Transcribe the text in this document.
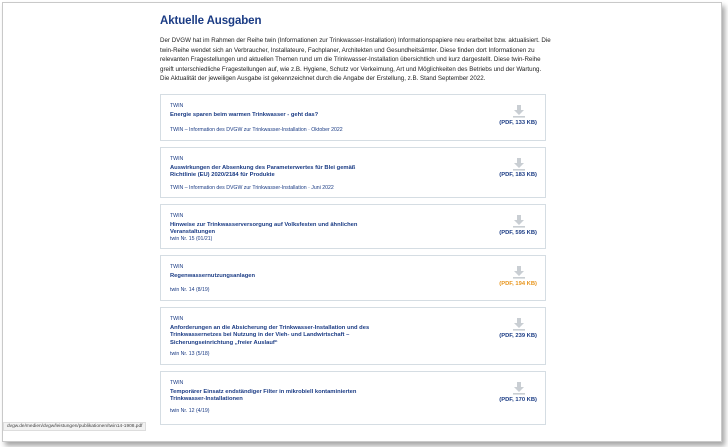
Aktuelle Ausgaben
Der DVGW hat im Rahmen der Reihe twin (Informationen zur Trinkwasser-Installation) Informationspapiere neu erarbeitet bzw. aktualisiert. Die twin-Reihe wendet sich an Verbraucher, Installateure, Fachplaner, Architekten und Gesundheitsämter. Diese finden dort Informationen zu relevanten Fragestellungen und aktuellen Themen rund um die Trinkwasser-Installation übersichtlich und kurz dargestellt. Diese twin-Reihe greift unterschiedliche Fragestellungen auf, wie z.B. Hygiene, Schutz vor Verkeimung, Art und Möglichkeiten des Betriebs und der Wartung. Die Aktualität der jeweiligen Ausgabe ist gekennzeichnet durch die Angabe der Erstellung, z.B. Stand September 2022.
TWIN
Energie sparen beim warmen Trinkwasser - geht das?
TWIN – Information des DVGW zur Trinkwasser-Installation · Oktober 2022
(PDF, 133 KB)
TWIN
Auswirkungen der Absenkung des Parameterwertes für Blei gemäß Richtlinie (EU) 2020/2184 für Produkte
TWIN – Information des DVGW zur Trinkwasser-Installation · Juni 2022
(PDF, 183 KB)
TWIN
Hinweise zur Trinkwasserversorgung auf Volksfesten und ähnlichen Veranstaltungen
twin Nr. 15 (01/21)
(PDF, 595 KB)
TWIN
Regenwassernutzungsanlagen
twin Nr. 14 (8/19)
(PDF, 194 KB)
TWIN
Anforderungen an die Absicherung der Trinkwasser-Installation und des Trinkwassernetzes bei Nutzung in der Vieh- und Landwirtschaft – Sicherungseinrichtung „freier Auslauf“
twin Nr. 13 (5/18)
(PDF, 239 KB)
TWIN
Temporärer Einsatz endständiger Filter in mikrobiell kontaminierten Trinkwasser-Installationen
twin Nr. 12 (4/19)
(PDF, 170 KB)
dvgw.de/medien/dvgw/leistungen/publikationen/twin14-1908.pdf
